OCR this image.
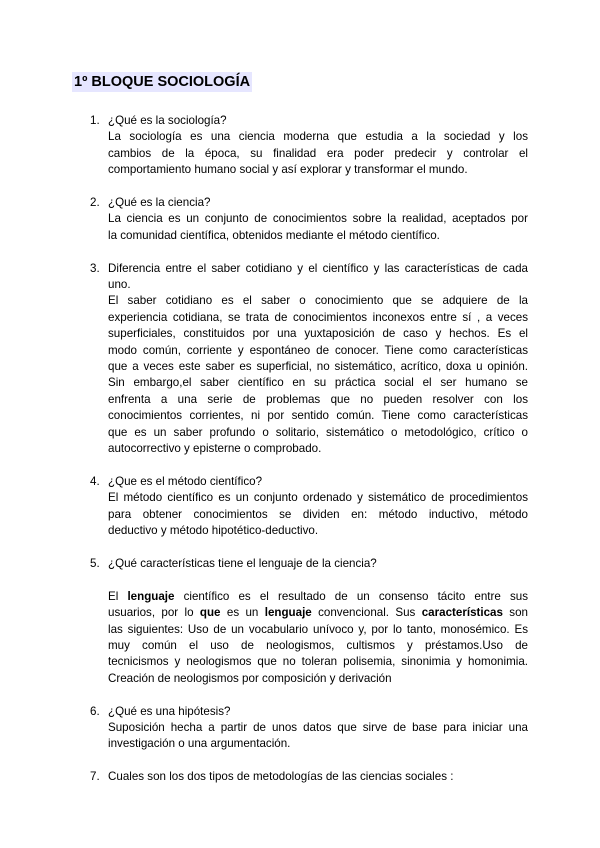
1º BLOQUE SOCIOLOGÍA
1. ¿Qué es la sociología?
La sociología es una ciencia moderna que estudia a la sociedad y los
cambios de la época, su finalidad era poder predecir y controlar el
comportamiento humano social y así explorar y transformar el mundo.
2. ¿Qué es la ciencia?
La ciencia es un conjunto de conocimientos sobre la realidad, aceptados por
la comunidad científica, obtenidos mediante el método científico.
3. Diferencia entre el saber cotidiano y el científico y las características de cada
uno.
El saber cotidiano es el saber o conocimiento que se adquiere de la
experiencia cotidiana, se trata de conocimientos inconexos entre sí , a veces
superficiales, constituidos por una yuxtaposición de caso y hechos. Es el
modo común, corriente y espontáneo de conocer. Tiene como características
que a veces este saber es superficial, no sistemático, acrítico, doxa u opinión.
Sin embargo,el saber científico en su práctica social el ser humano se
enfrenta a una serie de problemas que no pueden resolver con los
conocimientos corrientes, ni por sentido común. Tiene como características
que es un saber profundo o solitario, sistemático o metodológico, crítico o
autocorrectivo y episterne o comprobado.
4. ¿Que es el método científico?
El método científico es un conjunto ordenado y sistemático de procedimientos
para obtener conocimientos se dividen en: método inductivo, método
deductivo y método hipotético-deductivo.
5. ¿Qué características tiene el lenguaje de la ciencia?
El lenguaje científico es el resultado de un consenso tácito entre sus
usuarios, por lo que es un lenguaje convencional. Sus características son
las siguientes: Uso de un vocabulario unívoco y, por lo tanto, monosémico. Es
muy común el uso de neologismos, cultismos y préstamos.Uso de
tecnicismos y neologismos que no toleran polisemia, sinonimia y homonimia.
Creación de neologismos por composición y derivación
6. ¿Qué es una hipótesis?
Suposición hecha a partir de unos datos que sirve de base para iniciar una
investigación o una argumentación.
7. Cuales son los dos tipos de metodologías de las ciencias sociales :
